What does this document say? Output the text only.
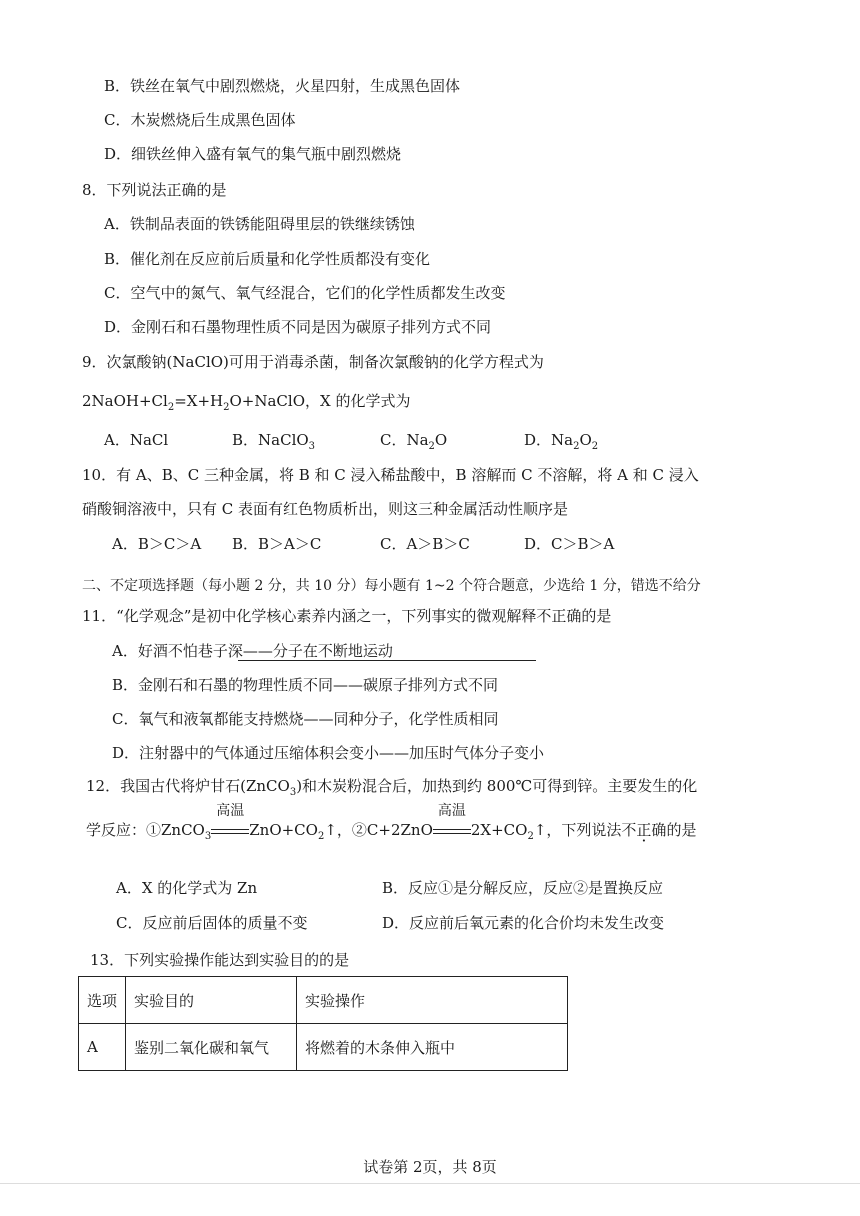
B．铁丝在氧气中剧烈燃烧，火星四射，生成黑色固体
C．木炭燃烧后生成黑色固体
D．细铁丝伸入盛有氧气的集气瓶中剧烈燃烧
8．下列说法正确的是
A．铁制品表面的铁锈能阻碍里层的铁继续锈蚀
B．催化剂在反应前后质量和化学性质都没有变化
C．空气中的氮气、氧气经混合，它们的化学性质都发生改变
D．金刚石和石墨物理性质不同是因为碳原子排列方式不同
9．次氯酸钠(NaClO)可用于消毒杀菌，制备次氯酸钠的化学方程式为
$2NaOH+Cl_2=X+H_2O+NaClO$，X 的化学式为
A．NaCl	B．NaClO$_3$	C．$Na_2O$	D．$Na_2O_2$
10．有 A、B、C 三种金属，将 B 和 C 浸入稀盐酸中，B 溶解而 C 不溶解，将 A 和 C 浸入
硝酸铜溶液中，只有 C 表面有红色物质析出，则这三种金属活动性顺序是
A．B＞C＞A B．B＞A＞C	C．A＞B＞C	D．C＞B＞A
二、不定项选择题（每小题 2 分，共 10 分）每小题有 1~2 个符合题意，少选给 1 分，错选不给分
11．“化学观念”是初中化学核心素养内涵之一，下列事实的微观解释不正确的是
A．好酒不怕巷子深——分子在不断地运动
B．金刚石和石墨的物理性质不同——碳原子排列方式不同
C．氧气和液氧都能支持燃烧——同种分子，化学性质相同
D．注射器中的气体通过压缩体积会变小——加压时气体分子变小
12．我国古代将炉甘石(ZnCO$_3$)和木炭粉混合后，加热到约 800℃可得到锌。主要发生的化
学反应：①ZnCO$_3$
高温
$ZnO+CO_2↑$，②C+2ZnO
高温
$2X+CO_2↑$，下列说法不正确的是
A．X 的化学式为 Zn	B．反应①是分解反应，反应②是置换反应
C．反应前后固体的质量不变	D．反应前后氧元素的化合价均未发生改变
13．下列实验操作能达到实验目的的是
选项	实验目的	实验操作
A	鉴别二氧化碳和氧气	将燃着的木条伸入瓶中
试卷第 2页，共 8页
